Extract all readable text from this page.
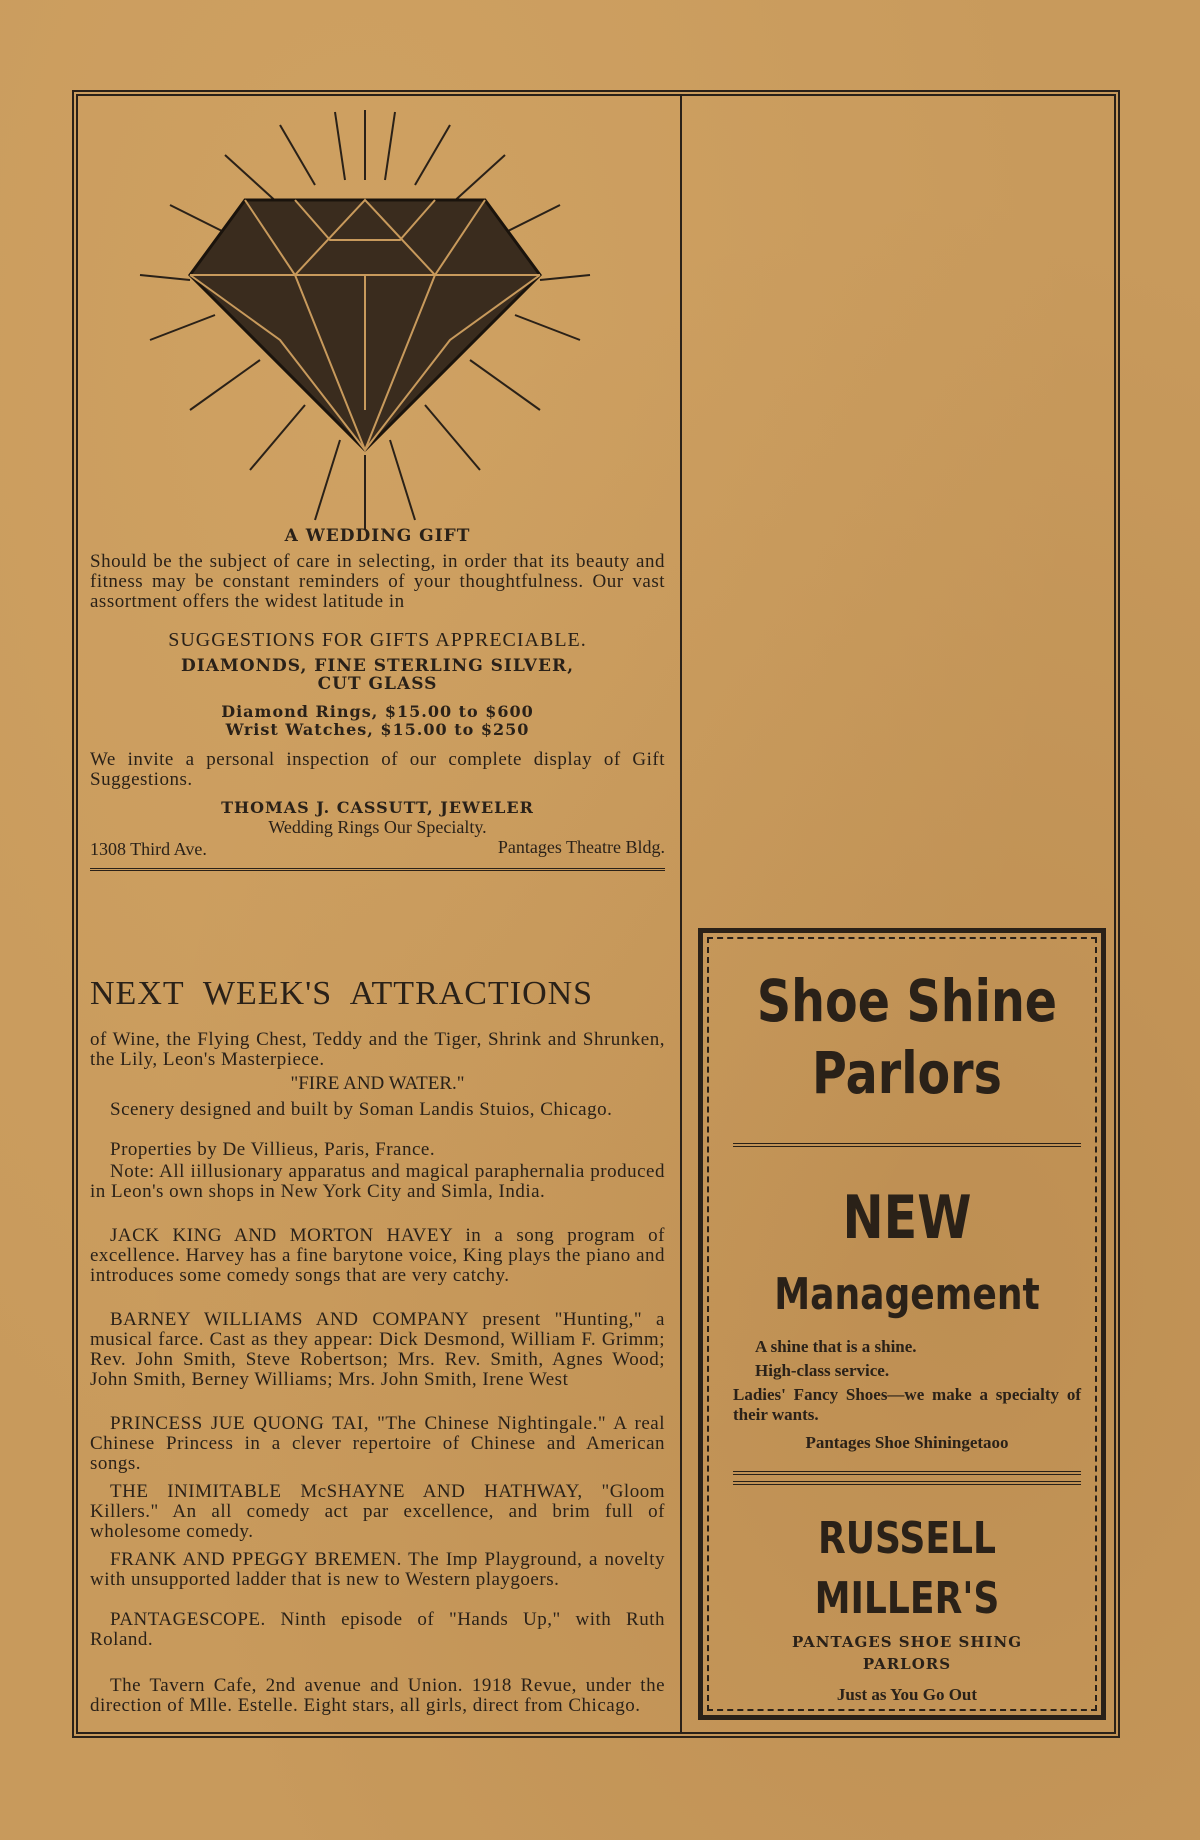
A WEDDING GIFT
Should be the subject of care in selecting, in order that its beauty and fitness may be constant reminders of your thoughtfulness. Our vast assortment offers the widest latitude in
SUGGESTIONS FOR GIFTS APPRECIABLE.
DIAMONDS, FINE STERLING SILVER,
CUT GLASS
Diamond Rings, $15.00 to $600
Wrist Watches, $15.00 to $250
We invite a personal inspection of our complete display of Gift Suggestions.
THOMAS J. CASSUTT, JEWELER
Wedding Rings Our Specialty.
1308 Third Ave.	Pantages Theatre Bldg.
NEXT WEEK'S ATTRACTIONS
of Wine, the Flying Chest, Teddy and the Tiger, Shrink and Shrunken, the Lily, Leon's Masterpiece.
"FIRE AND WATER."
Scenery designed and built by Soman Landis Stuios, Chicago.
Properties by De Villieus, Paris, France.
Note: All iillusionary apparatus and magical paraphernalia produced in Leon's own shops in New York City and Simla, India.
JACK KING AND MORTON HAVEY in a song program of excellence. Harvey has a fine barytone voice, King plays the piano and introduces some comedy songs that are very catchy.
BARNEY WILLIAMS AND COMPANY present "Hunting," a musical farce. Cast as they appear: Dick Desmond, William F. Grimm; Rev. John Smith, Steve Robertson; Mrs. Rev. Smith, Agnes Wood; John Smith, Berney Williams; Mrs. John Smith, Irene West
PRINCESS JUE QUONG TAI, "The Chinese Nightingale." A real Chinese Princess in a clever repertoire of Chinese and American songs.
THE INIMITABLE McSHAYNE AND HATHWAY, "Gloom Killers." An all comedy act par excellence, and brim full of wholesome comedy.
FRANK AND PPEGGY BREMEN. The Imp Playground, a novelty with unsupported ladder that is new to Western playgoers.
PANTAGESCOPE. Ninth episode of "Hands Up," with Ruth Roland.
The Tavern Cafe, 2nd avenue and Union. 1918 Revue, under the direction of Mlle. Estelle. Eight stars, all girls, direct from Chicago.
Shoe Shine
Parlors
NEW
Management
A shine that is a shine.
High-class service.
Ladies' Fancy Shoes—we make a specialty of their wants.
Pantages Shoe Shiningetaoo
RUSSELL
MILLER'S
PANTAGES SHOE SHING
PARLORS
Just as You Go Out
